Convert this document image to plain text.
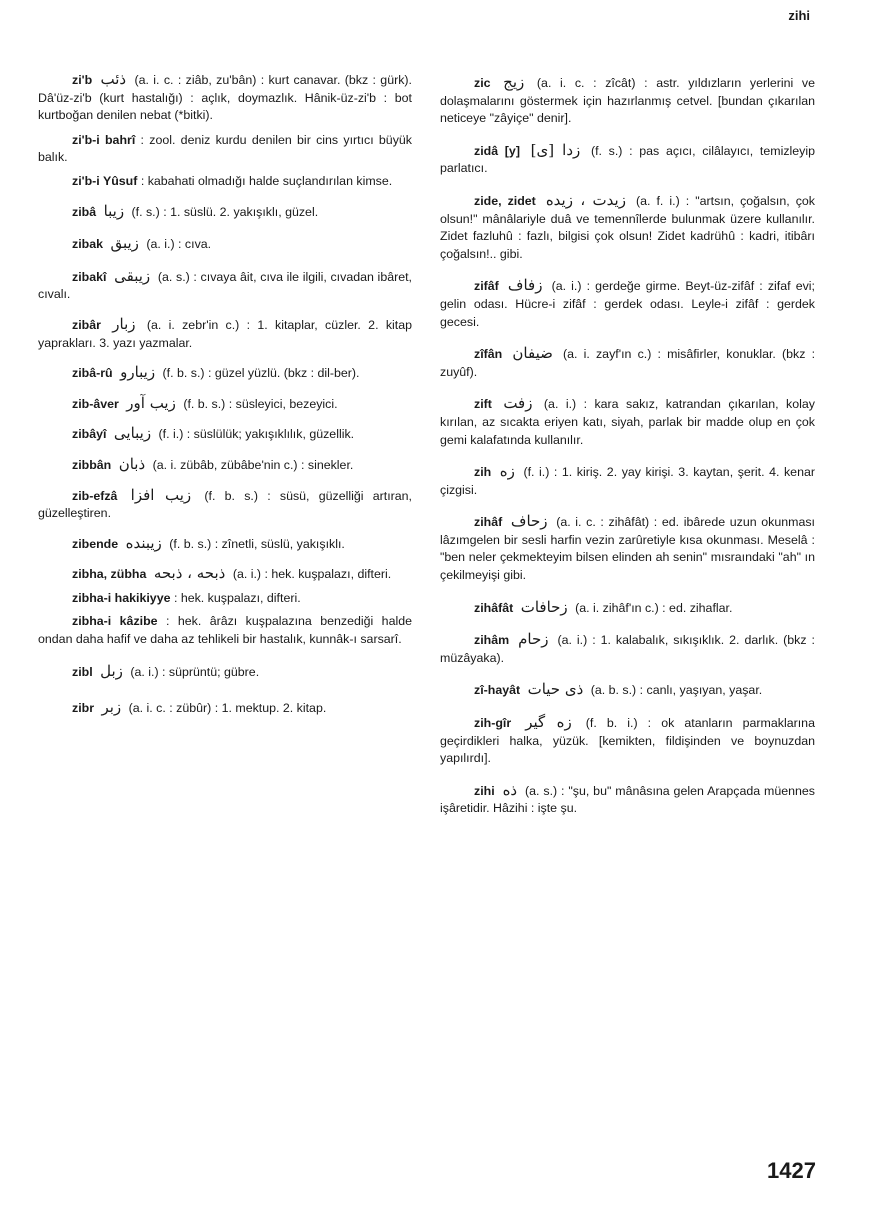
zihi
zi'b ذئب (a. i. c. : ziâb, zu'bân) : kurt canavar. (bkz : gürk). Dâ'üz-zi'b (kurt hastalığı) : açlık, doymazlık. Hânik-üz-zi'b : bot kurtboğan denilen nebat (*bitki).
zi'b-i bahrî : zool. deniz kurdu denilen bir cins yırtıcı büyük balık.
zi'b-i Yûsuf : kabahati olmadığı halde suçlandırılan kimse.
zibâ زیبا (f. s.) : 1. süslü. 2. yakışıklı, güzel.
zibak زیبق (a. i.) : cıva.
zibakî زیبقی (a. s.) : cıvaya âit, cıva ile ilgili, cıvadan ibâret, cıvalı.
zibâr زبار (a. i. zebr'in c.) : 1. kitaplar, cüzler. 2. kitap yaprakları. 3. yazı yazmalar.
zibâ-rû زیبارو (f. b. s.) : güzel yüzlü. (bkz : dil-ber).
zib-âver زیب آور (f. b. s.) : süsleyici, bezeyici.
zibâyî زیبایی (f. i.) : süslülük; yakışıklılık, güzellik.
zibbân ذبان (a. i. zübâb, zübâbe'nin c.) : sinekler.
zib-efzâ زیب افزا (f. b. s.) : süsü, güzelliği artıran, güzelleştiren.
zibende زیبنده (f. b. s.) : zînetli, süslü, yakışıklı.
zibha, zübha ذبحه ، ذبحه (a. i.) : hek. kuşpalazı, difteri.
zibha-i hakikiyye : hek. kuşpalazı, difteri.
zibha-i kâzibe : hek. ârâzı kuşpalazına benzediği halde ondan daha hafif ve daha az tehlikeli bir hastalık, kunnâk-ı sarsarî.
zibl زبل (a. i.) : süprüntü; gübre.
zibr زبر (a. i. c. : zübûr) : 1. mektup. 2. kitap.
zic زیج (a. i. c. : zîcât) : astr. yıldızların yerlerini ve dolaşmalarını göstermek için hazırlanmış cetvel. [bundan çıkarılan neticeye "zâyiçe" denir].
zidâ [y] [ی] زدا (f. s.) : pas açıcı, cilâlayıcı, temizleyip parlatıcı.
zide, zidet زیدت ، زیده (a. f. i.) : "artsın, çoğalsın, çok olsun!" mânâlariyle duâ ve temennîlerde bulunmak üzere kullanılır. Zidet fazluhû : fazlı, bilgisi çok olsun! Zidet kadrühû : kadri, itibârı çoğalsın!.. gibi.
zifâf زفاف (a. i.) : gerdeğe girme. Beyt-üz-zifâf : zifaf evi; gelin odası. Hücre-i zifâf : gerdek odası. Leyle-i zifâf : gerdek gecesi.
zîfân ضیفان (a. i. zayf'ın c.) : misâfirler, konuklar. (bkz : zuyûf).
zift زفت (a. i.) : kara sakız, katrandan çıkarılan, kolay kırılan, az sıcakta eriyen katı, siyah, parlak bir madde olup en çok gemi kalafatında kullanılır.
zih زه (f. i.) : 1. kiriş. 2. yay kirişi. 3. kaytan, şerit. 4. kenar çizgisi.
zihâf زحاف (a. i. c. : zihâfât) : ed. ibârede uzun okunması lâzımgelen bir sesli harfin vezin zarûretiyle kısa okunması. Meselâ : "ben neler çekmekteyim bilsen elinden ah senin" mısraındaki "ah" ın çekilmeyişi gibi.
zihâfât زحافات (a. i. zihâf'ın c.) : ed. zihaflar.
zihâm زحام (a. i.) : 1. kalabalık, sıkışıklık. 2. darlık. (bkz : müzâyaka).
zî-hayât ذی حیات (a. b. s.) : canlı, yaşıyan, yaşar.
zih-gîr زه گیر (f. b. i.) : ok atanların parmaklarına geçirdikleri halka, yüzük. [kemikten, fildişinden ve boynuzdan yapılırdı].
zihi ذه (a. s.) : "şu, bu" mânâsına gelen Arapçada müennes işâretidir. Hâzihi : işte şu.
1427
